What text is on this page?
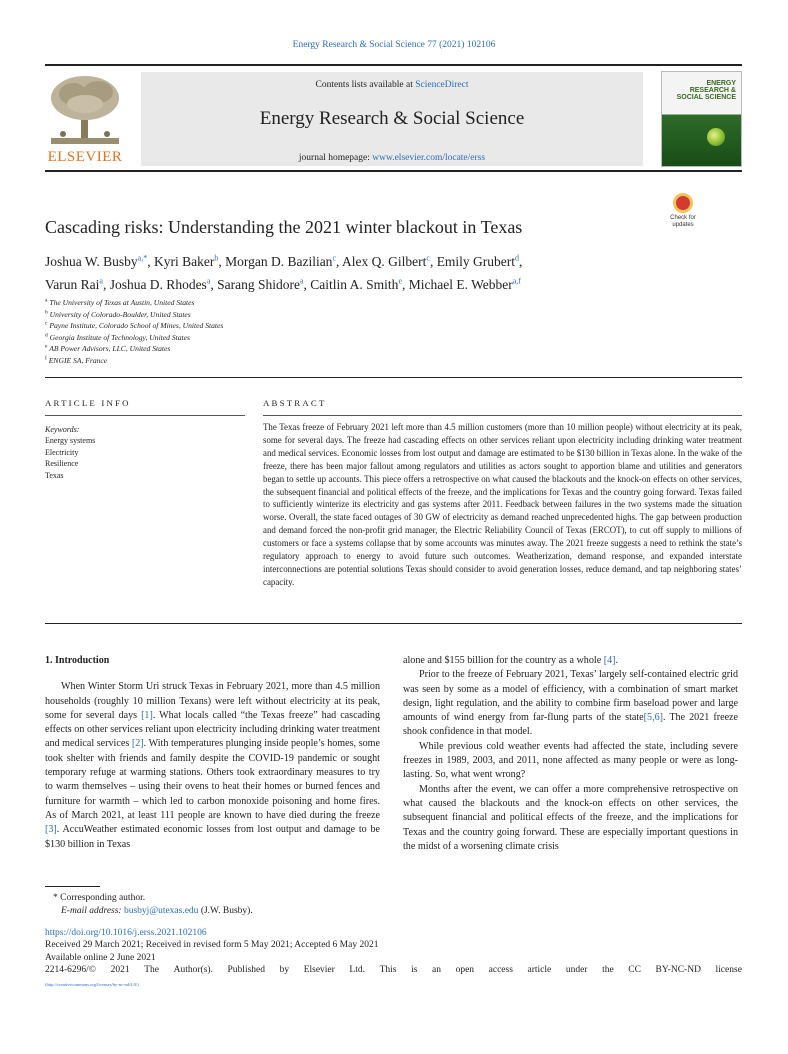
Energy Research & Social Science 77 (2021) 102106
ELSEVIER
Contents lists available at ScienceDirect
Energy Research & Social Science
journal homepage: www.elsevier.com/locate/erss
ENERGY RESEARCH & SOCIAL SCIENCE
Cascading risks: Understanding the 2021 winter blackout in Texas	Check for updates
Joshua W. Busby$^{a,*}$, Kyri Baker$^b$, Morgan D. Bazilian$^c$, Alex Q. Gilbert$^c$, Emily Grubert$^d$,
Varun Rai$^a$, Joshua D. Rhodes$^a$, Sarang Shidore$^a$, Caitlin A. Smith$^e$, Michael E. Webber$^{a,f}$
$^a$ The University of Texas at Austin, United States
$^b$ University of Colorado-Boulder, United States
$^c$ Payne Institute, Colorado School of Mines, United States
$^d$ Georgia Institute of Technology, United States
$^e$ AB Power Advisors, LLC, United States
$^f$ ENGIE SA, France
ARTICLE INFO	ABSTRACT
Keywords:
Energy systems
Electricity
Resilience
Texas
The Texas freeze of February 2021 left more than 4.5 million customers (more than 10 million people) without electricity at its peak, some for several days. The freeze had cascading effects on other services reliant upon electricity including drinking water treatment and medical services. Economic losses from lost output and damage are estimated to be $130 billion in Texas alone. In the wake of the freeze, there has been major fallout among regulators and utilities as actors sought to apportion blame and utilities and generators began to settle up accounts. This piece offers a retrospective on what caused the blackouts and the knock-on effects on other services, the subsequent financial and political effects of the freeze, and the implications for Texas and the country going forward. Texas failed to sufficiently winterize its electricity and gas systems after 2011. Feedback between failures in the two systems made the situation worse. Overall, the state faced outages of 30 GW of electricity as demand reached unprecedented highs. The gap between production and demand forced the non-profit grid manager, the Electric Reliability Council of Texas (ERCOT), to cut off supply to millions of customers or face a systems collapse that by some accounts was minutes away. The 2021 freeze suggests a need to rethink the state’s regulatory approach to energy to avoid future such outcomes. Weatherization, demand response, and expanded interstate interconnections are potential solutions Texas should consider to avoid generation losses, reduce demand, and tap neighboring states’ capacity.
1. Introduction

When Winter Storm Uri struck Texas in February 2021, more than 4.5 million households (roughly 10 million Texans) were left without electricity at its peak, some for several days [1]. What locals called “the Texas freeze” had cascading effects on other services reliant upon electricity including drinking water treatment and medical services [2]. With temperatures plunging inside people’s homes, some took shelter with friends and family despite the COVID-19 pandemic or sought temporary refuge at warming stations. Others took extraordinary measures to try to warm themselves – using their ovens to heat their homes or burned fences and furniture for warmth – which led to carbon monoxide poisoning and home fires. As of March 2021, at least 111 people are known to have died during the freeze [3]. AccuWeather estimated economic losses from lost output and damage to be $130 billion in Texas

alone and $155 billion for the country as a whole [4].

Prior to the freeze of February 2021, Texas’ largely self-contained electric grid was seen by some as a model of efficiency, with a combination of smart market design, light regulation, and the ability to combine firm baseload power and large amounts of wind energy from far-flung parts of the state[5,6]. The 2021 freeze shook confidence in that model.

While previous cold weather events had affected the state, including severe freezes in 1989, 2003, and 2011, none affected as many people or were as long-lasting. So, what went wrong?

Months after the event, we can offer a more comprehensive retrospective on what caused the blackouts and the knock-on effects on other services, the subsequent financial and political effects of the freeze, and the implications for Texas and the country going forward. These are especially important questions in the midst of a worsening climate crisis

* Corresponding author.
E-mail address: busbyj@utexas.edu (J.W. Busby).
https://doi.org/10.1016/j.erss.2021.102106
Received 29 March 2021; Received in revised form 5 May 2021; Accepted 6 May 2021
Available online 2 June 2021
2214-6296/© 2021 The Author(s). Published by Elsevier Ltd. This is an open access article under the CC BY-NC-ND license
(http://creativecommons.org/licenses/by-nc-nd/4.0/).
